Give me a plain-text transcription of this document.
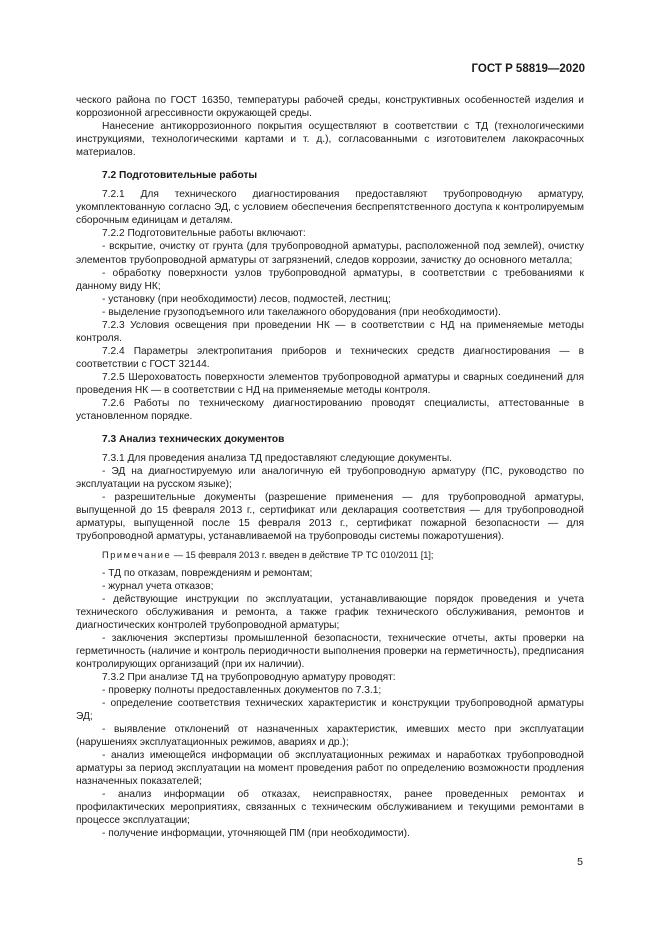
ГОСТ Р 58819—2020

ческого района по ГОСТ 16350, температуры рабочей среды, конструктивных особенностей изделия и коррозионной агрессивности окружающей среды.

Нанесение антикоррозионного покрытия осуществляют в соответствии с ТД (технологическими инструкциями, технологическими картами и т. д.), согласованными с изготовителем лакокрасочных материалов.

7.2 Подготовительные работы

7.2.1 Для технического диагностирования предоставляют трубопроводную арматуру, укомплектованную согласно ЭД, с условием обеспечения беспрепятственного доступа к контролируемым сборочным единицам и деталям.

7.2.2 Подготовительные работы включают:

- вскрытие, очистку от грунта (для трубопроводной арматуры, расположенной под землей), очистку элементов трубопроводной арматуры от загрязнений, следов коррозии, зачистку до основного металла;

- обработку поверхности узлов трубопроводной арматуры, в соответствии с требованиями к данному виду НК;

- установку (при необходимости) лесов, подмостей, лестниц;

- выделение грузоподъемного или такелажного оборудования (при необходимости).

7.2.3 Условия освещения при проведении НК — в соответствии с НД на применяемые методы контроля.

7.2.4 Параметры электропитания приборов и технических средств диагностирования — в соответствии с ГОСТ 32144.

7.2.5 Шероховатость поверхности элементов трубопроводной арматуры и сварных соединений для проведения НК — в соответствии с НД на применяемые методы контроля.

7.2.6 Работы по техническому диагностированию проводят специалисты, аттестованные в установленном порядке.

7.3 Анализ технических документов

7.3.1 Для проведения анализа ТД предоставляют следующие документы.

- ЭД на диагностируемую или аналогичную ей трубопроводную арматуру (ПС, руководство по эксплуатации на русском языке);

- разрешительные документы (разрешение применения — для трубопроводной арматуры, выпущенной до 15 февраля 2013 г., сертификат или декларация соответствия — для трубопроводной арматуры, выпущенной после 15 февраля 2013 г., сертификат пожарной безопасности — для трубопроводной арматуры, устанавливаемой на трубопроводы системы пожаротушения).

Примечание — 15 февраля 2013 г. введен в действие ТР ТС 010/2011 [1];

- ТД по отказам, повреждениям и ремонтам;

- журнал учета отказов;

- действующие инструкции по эксплуатации, устанавливающие порядок проведения и учета технического обслуживания и ремонта, а также график технического обслуживания, ремонтов и диагностических контролей трубопроводной арматуры;

- заключения экспертизы промышленной безопасности, технические отчеты, акты проверки на герметичность (наличие и контроль периодичности выполнения проверки на герметичность), предписания контролирующих организаций (при их наличии).

7.3.2 При анализе ТД на трубопроводную арматуру проводят:

- проверку полноты предоставленных документов по 7.3.1;

- определение соответствия технических характеристик и конструкции трубопроводной арматуры ЭД;

- выявление отклонений от назначенных характеристик, имевших место при эксплуатации (нарушениях эксплуатационных режимов, авариях и др.);

- анализ имеющейся информации об эксплуатационных режимах и наработках трубопроводной арматуры за период эксплуатации на момент проведения работ по определению возможности продления назначенных показателей;

- анализ информации об отказах, неисправностях, ранее проведенных ремонтах и профилактических мероприятиях, связанных с техническим обслуживанием и текущими ремонтами в процессе эксплуатации;

- получение информации, уточняющей ПМ (при необходимости).

5
